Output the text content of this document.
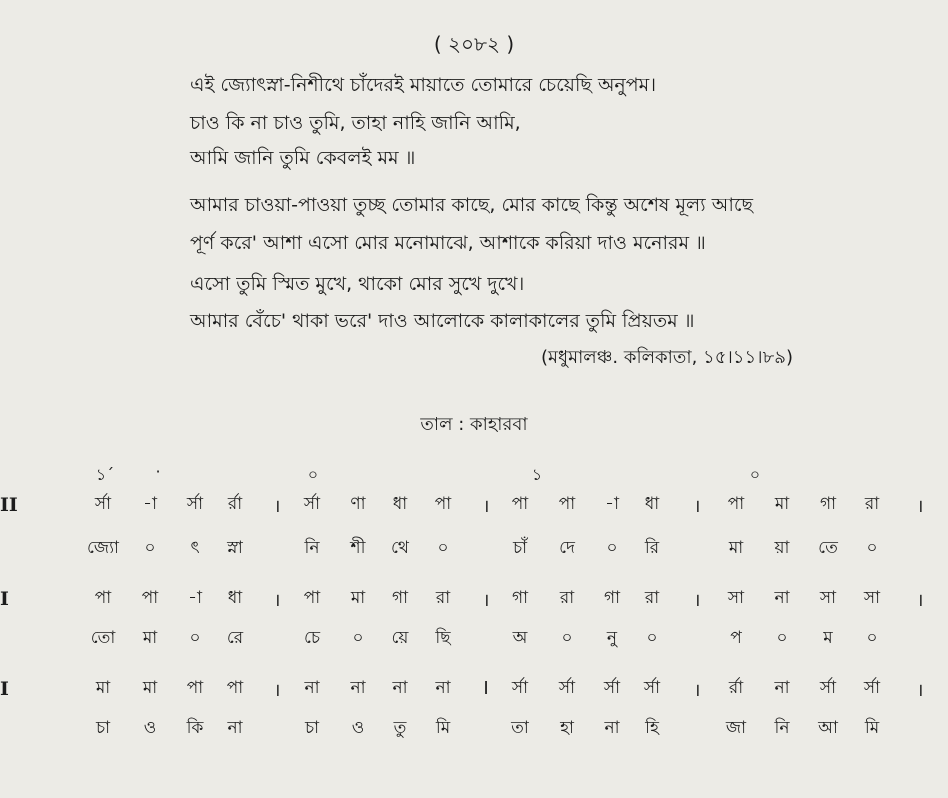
( ২০৮২ )
এই জ্যোৎস্না-নিশীথে চাঁদেরই মায়াতে তোমারে চেয়েছি অনুপম।
চাও কি না চাও তুমি, তাহা নাহি জানি আমি,
আমি জানি তুমি কেবলই মম ॥
আমার চাওয়া-পাওয়া তুচ্ছ তোমার কাছে, মোর কাছে কিন্তু অশেষ মূল্য আছে
পূর্ণ করে' আশা এসো মোর মনোমাঝে, আশাকে করিয়া দাও মনোরম ॥
এসো তুমি স্মিত মুখে, থাকো মোর সুখে দুখে।
আমার বেঁচে' থাকা ভরে' দাও আলোকে কালাকালের তুমি প্রিয়তম ॥
(মধুমালঞ্চ. কলিকাতা, ১৫।১১।৮৯)
তাল : কাহারবা
১´	·	০	১	০
II	র্সা -া র্সা র্রা	র্সা ণা ধা পা	পা পা -া ধা	পা মা গা রা
জ্যো ০ ৎ স্না	নি শী থে ০	চাঁ দে ০ রি	মা য়া তে ০
।	।	।	।
I	পা পা -া ধা	পা মা গা রা	গা রা গা রা	সা না সা সা
তো মা ০ রে	চে ০ য়ে ছি	অ ০ নু ০	প ০ ম ০
।	।	।	।
I	মা মা পা পা	না না না না	র্সা র্সা র্সা র্সা	র্রা না র্সা র্সা
চা ও কি না	চা ও তু মি	তা হা না হি	জা নি আ মি
।	I	।	।
